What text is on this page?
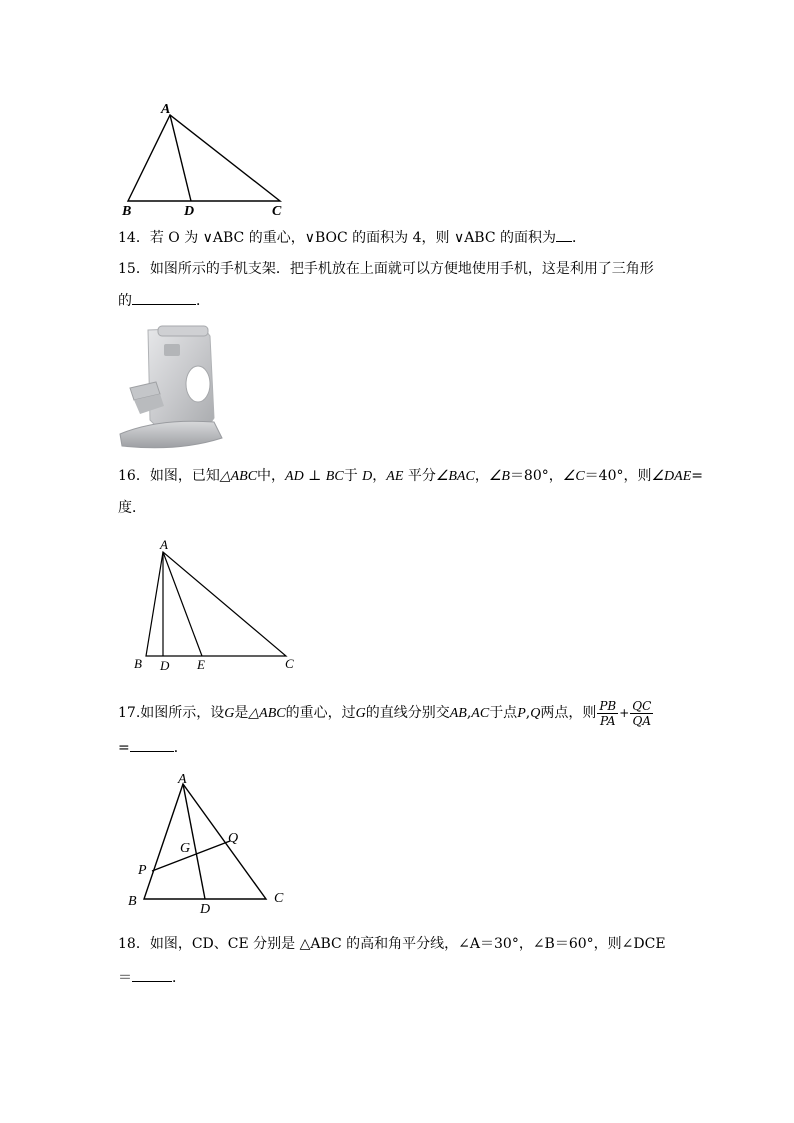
A
B	D	C
14．若 O 为 ∨ABC 的重心，∨BOC 的面积为 4，则 ∨ABC 的面积为 ．
15．如图所示的手机支架．把手机放在上面就可以方便地使用手机，这是利用了三角形
的	．
16．如图，已知△ABC中，AD ⊥ BC于 D，AE 平分∠BAC，∠B＝80°，∠C＝40°，则∠DAE=
度．
A
B D E	C
17.如图所示，设G是△ABC的重心，过G的直线分别交AB,AC于点P,Q两点，则 $\frac{PB}{PA} + \frac{QC}{QA}$
=	．
A
Q
G
P
B
D
C
18．如图，CD、CE 分别是 △ABC 的高和角平分线，∠A＝30°，∠B＝60°，则∠DCE
＝	．
